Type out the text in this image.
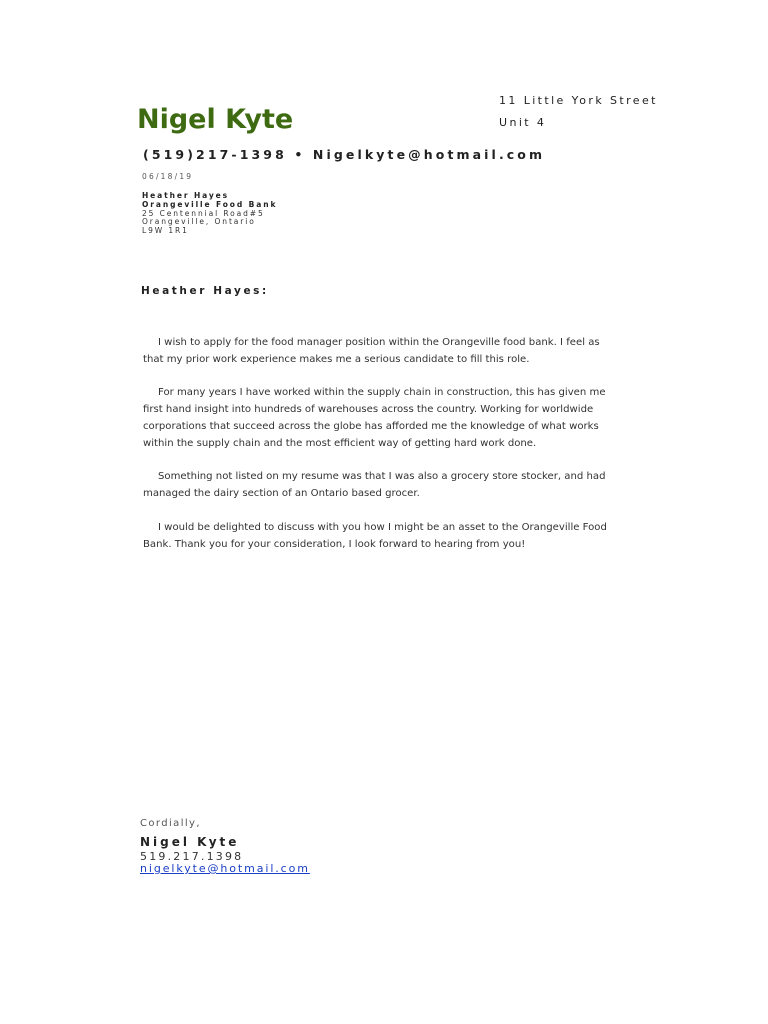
11 Little York Street
Unit 4
Nigel Kyte
(519)217-1398 • Nigelkyte@hotmail.com
06/18/19
Heather Hayes
Orangeville Food Bank
25 Centennial Road#5
Orangeville, Ontario
L9W 1R1
Heather Hayes:

I wish to apply for the food manager position within the Orangeville food bank. I feel as that my prior work experience makes me a serious candidate to fill this role.

For many years I have worked within the supply chain in construction, this has given me first hand insight into hundreds of warehouses across the country. Working for worldwide corporations that succeed across the globe has afforded me the knowledge of what works within the supply chain and the most efficient way of getting hard work done.

Something not listed on my resume was that I was also a grocery store stocker, and had managed the dairy section of an Ontario based grocer.

I would be delighted to discuss with you how I might be an asset to the Orangeville Food Bank. Thank you for your consideration, I look forward to hearing from you!

Cordially,
Nigel Kyte
519.217.1398
nigelkyte@hotmail.com
